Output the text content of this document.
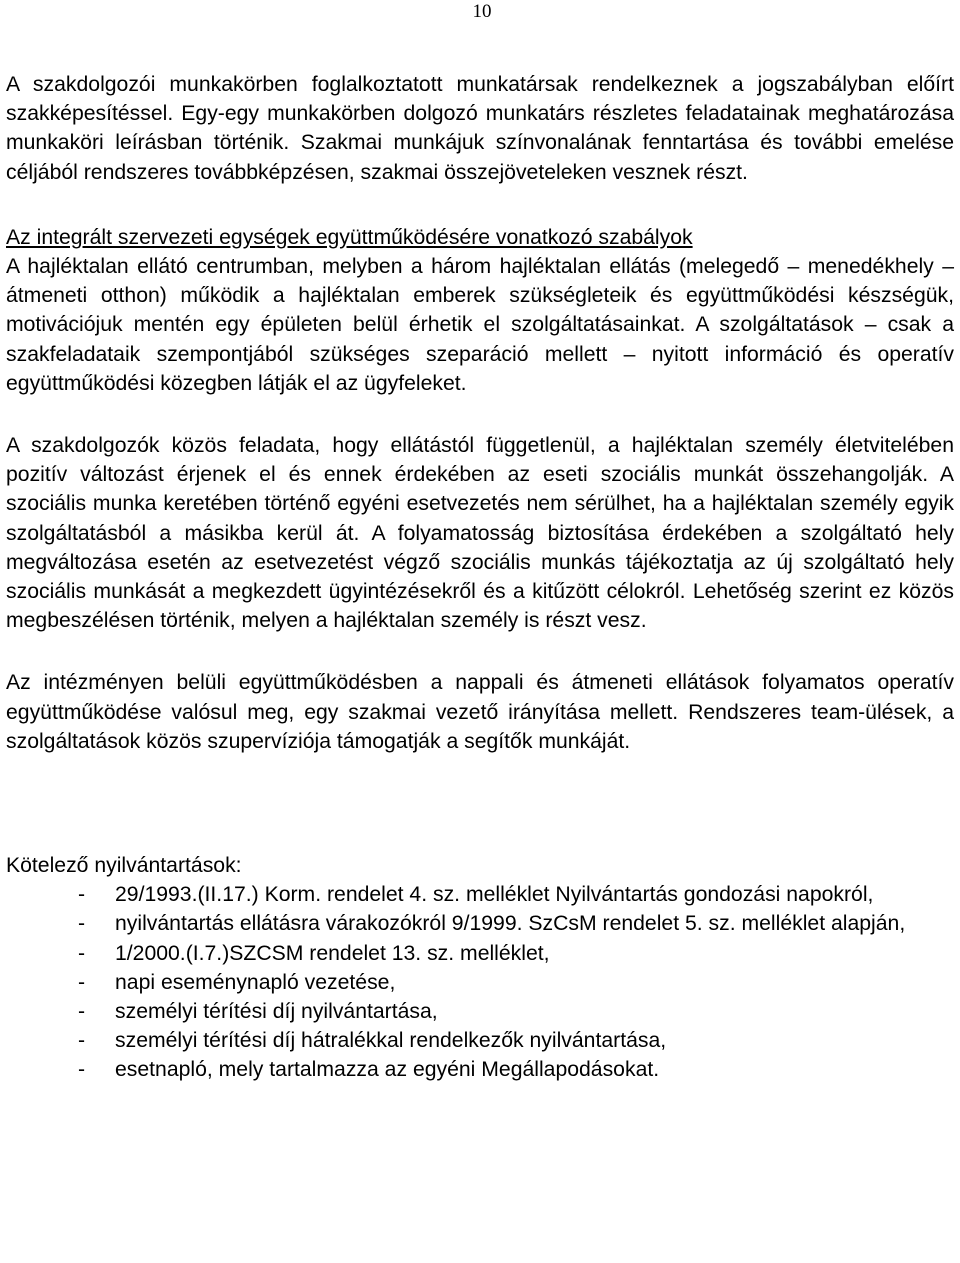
10

A szakdolgozói munkakörben foglalkoztatott munkatársak rendelkeznek a jogszabályban előírt szakképesítéssel. Egy-egy munkakörben dolgozó munkatárs részletes feladatainak meghatározása munkaköri leírásban történik. Szakmai munkájuk színvonalának fenntartása és további emelése céljából rendszeres továbbképzésen, szakmai összejöveteleken vesznek részt.

Az integrált szervezeti egységek együttműködésére vonatkozó szabályok

A hajléktalan ellátó centrumban, melyben a három hajléktalan ellátás (melegedő – menedékhely – átmeneti otthon) működik a hajléktalan emberek szükségleteik és együttműködési készségük, motivációjuk mentén egy épületen belül érhetik el szolgáltatásainkat. A szolgáltatások – csak a szakfeladataik szempontjából szükséges szeparáció mellett – nyitott információ és operatív együttműködési közegben látják el az ügyfeleket.

A szakdolgozók közös feladata, hogy ellátástól függetlenül, a hajléktalan személy életvitelében pozitív változást érjenek el és ennek érdekében az eseti szociális munkát összehangolják. A szociális munka keretében történő egyéni esetvezetés nem sérülhet, ha a hajléktalan személy egyik szolgáltatásból a másikba kerül át. A folyamatosság biztosítása érdekében a szolgáltató hely megváltozása esetén az esetvezetést végző szociális munkás tájékoztatja az új szolgáltató hely szociális munkását a megkezdett ügyintézésekről és a kitűzött célokról. Lehetőség szerint ez közös megbeszélésen történik, melyen a hajléktalan személy is részt vesz.

Az intézményen belüli együttműködésben a nappali és átmeneti ellátások folyamatos operatív együttműködése valósul meg, egy szakmai vezető irányítása mellett. Rendszeres team-ülések, a szolgáltatások közös szupervíziója támogatják a segítők munkáját.

Kötelező nyilvántartások:
- 29/1993.(II.17.) Korm. rendelet 4. sz. melléklet Nyilvántartás gondozási napokról,
- nyilvántartás ellátásra várakozókról 9/1999. SzCsM rendelet 5. sz. melléklet alapján,
- 1/2000.(I.7.)SZCSM rendelet 13. sz. melléklet,
- napi eseménynapló vezetése,
- személyi térítési díj nyilvántartása,
- személyi térítési díj hátralékkal rendelkezők nyilvántartása,
- esetnapló, mely tartalmazza az egyéni Megállapodásokat.
